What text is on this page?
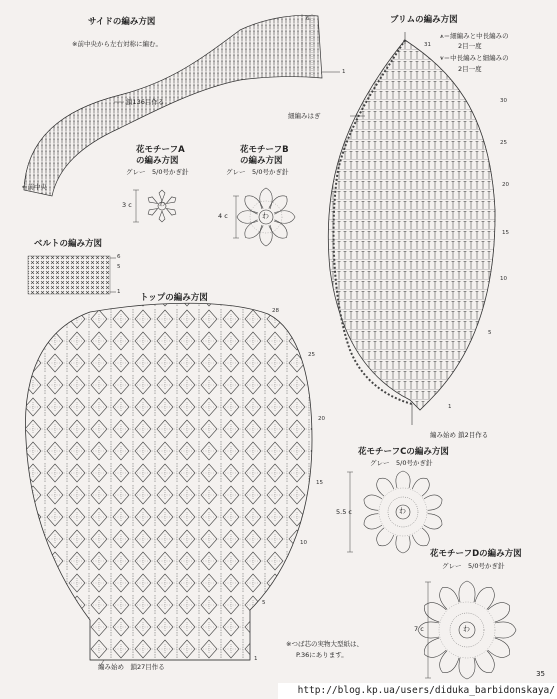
サイドの編み方図
※前中央から左右対称に編む。
鎖136目作る
←前中央
6
1
ブリムの編み方図
⩚＝細編みと中長編みの
2目一度
⩛＝中長編みと細編みの
2目一度
細編みはぎ
編み始め 鎖2目作る
31
30
25
20
15
10
5
1
花モチーフA
の編み方図
グレー　5/0号かぎ針
3 c	わ
花モチーフB
の編み方図
グレー　5/0号かぎ針
4 c	わ
花モチーフCの編み方図
グレー　5/0号かぎ針
5.5 c	わ
花モチーフDの編み方図
グレー　5/0号かぎ針
7 c	わ
ベルトの編み方図
6
5
1
トップの編み方図
編み始め　鎖27目作る
28
25
20
15
10
5
1
※つば芯の実物大型紙は、
P.36にあります。
35
http://blog.kp.ua/users/diduka_barbidonskaya/
